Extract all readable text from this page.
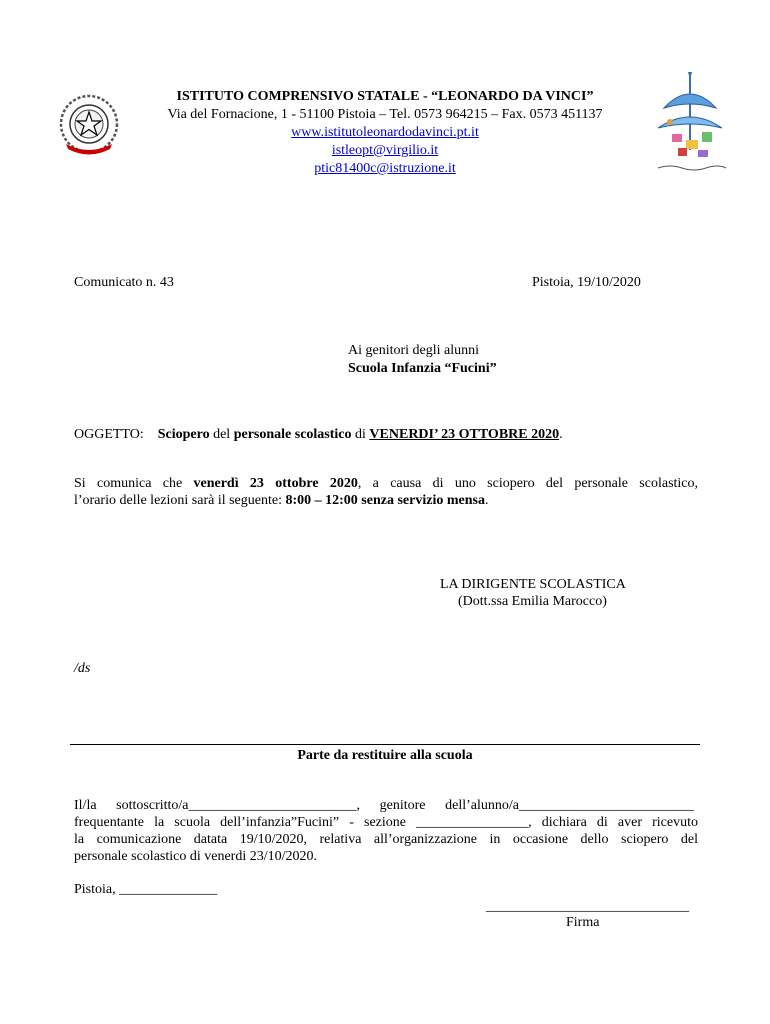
ISTITUTO COMPRENSIVO STATALE - “LEONARDO DA VINCI”
Via del Fornacione, 1 - 51100 Pistoia – Tel. 0573 964215 – Fax. 0573 451137
www.istitutoleonardodavinci.pt.it
istleopt@virgilio.it
ptic81400c@istruzione.it
Comunicato n. 43	Pistoia, 19/10/2020
Ai genitori degli alunni
Scuola Infanzia “Fucini”
OGGETTO: Sciopero del personale scolastico di VENERDI’ 23 OTTOBRE 2020.
Si comunica che venerdì 23 ottobre 2020, a causa di uno sciopero del personale scolastico,
l’orario delle lezioni sarà il seguente: 8:00 – 12:00 senza servizio mensa.
LA DIRIGENTE SCOLASTICA
(Dott.ssa Emilia Marocco)
/ds
Parte da restituire alla scuola
Il/la sottoscritto/a________________________, genitore dell’alunno/a_________________________
frequentante la scuola dell’infanzia”Fucini” - sezione ________________, dichiara di aver ricevuto
la comunicazione datata 19/10/2020, relativa all’organizzazione in occasione dello sciopero del
personale scolastico di venerdi 23/10/2020.
Pistoia, ______________
_____________________________
Firma
